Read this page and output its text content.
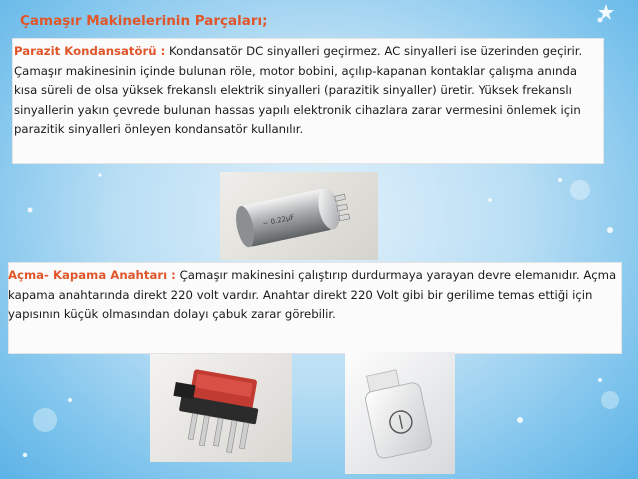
Çamaşır Makinelerinin Parçaları;

Parazit Kondansatörü : Kondansatör DC sinyalleri geçirmez. AC sinyalleri ise üzerinden geçirir. Çamaşır makinesinin içinde bulunan röle, motor bobini, açılıp-kapanan kontaklar çalışma anında kısa süreli de olsa yüksek frekanslı elektrik sinyalleri (parazitik sinyaller) üretir. Yüksek frekanslı sinyallerin yakın çevrede bulunan hassas yapılı elektronik cihazlara zarar vermesini önlemek için parazitik sinyalleri önleyen kondansatör kullanılır.

~ 0.22µF

Açma- Kapama Anahtarı : Çamaşır makinesini çalıştırıp durdurmaya yarayan devre elemanıdır. Açma kapama anahtarında direkt 220 volt vardır. Anahtar direkt 220 Volt gibi bir gerilime temas ettiği için yapısının küçük olmasından dolayı çabuk zarar görebilir.
